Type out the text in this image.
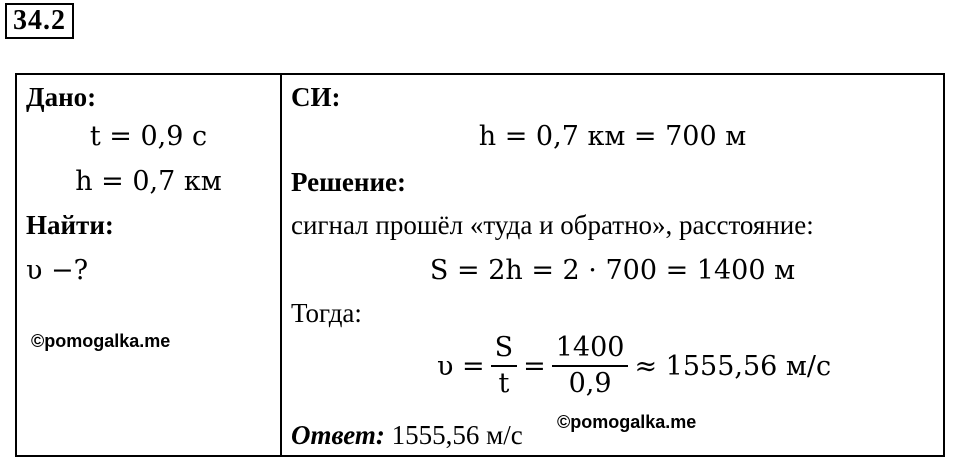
34.2
Дано:
t = 0,9 с
h = 0,7 км
Найти:
υ −?
©pomogalka.me
СИ:
h = 0,7 км = 700 м
Решение:
сигнал прошёл «туда и обратно», расстояние:
S = 2h = 2 · 700 = 1400 м
Тогда:
$\upsilon = \frac{S}{t} = \frac{1400}{0,9} \approx 1555,56$ м/с
Ответ: 1555,56 м/с ©pomogalka.me
